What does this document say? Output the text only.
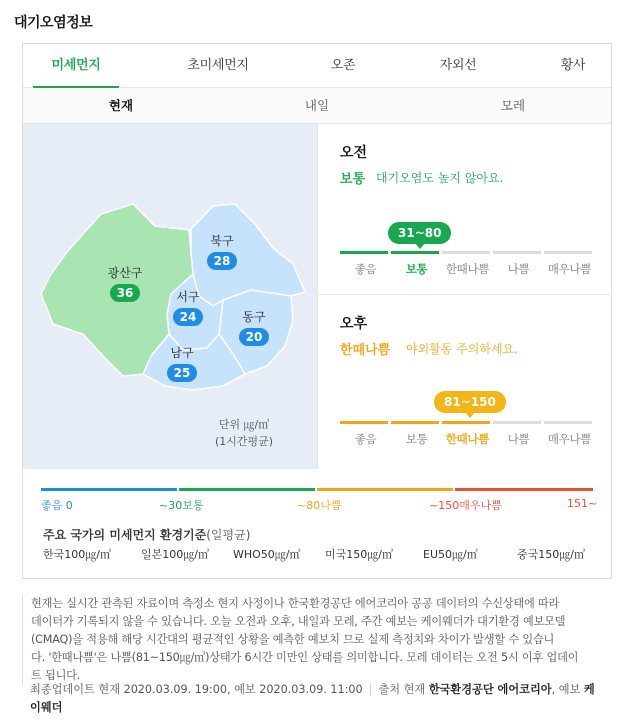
대기오염정보
미세먼지	초미세먼지	오존	자외선	황사
현재	내일	모레
광산구
36
북구
28
서구
24	동구
20
남구
25
단위 ㎍/㎥
(1시간평균)
오전
보통 대기오염도 높지 않아요.
31~80
좋음	보통	한때나쁨	나쁨	매우나쁨
오후
한때나쁨 야외활동 주의하세요.
81~150
좋음	보통	한때나쁨	나쁨	매우나쁨
좋음 0	~30보통	~80나쁨	~150매우나쁨	151~
주요 국가의 미세먼지 환경기준(일평균)
한국100㎍/㎥	일본100㎍/㎥ WHO50㎍/㎥ 미국150㎍/㎥	EU50㎍/㎥	중국150㎍/㎥
현재는 실시간 관측된 자료이며 측정소 현지 사정이나 한국환경공단 에어코리아 공공 데이터의 수신상태에 따라
데이터가 기록되지 않을 수 있습니다. 오늘 오전과 오후, 내일과 모레, 주간 예보는 케이웨더가 대기환경 예보모델
(CMAQ)을 적용해 해당 시간대의 평균적인 상황을 예측한 예보치 므로 실제 측정치와 차이가 발생할 수 있습니
다. '한때나쁨'은 나쁨(81~150㎍/㎥)상태가 6시간 미만인 상태를 의미합니다. 모레 데이터는 오전 5시 이후 업데이
트 됩니다.
최종업데이트 현재 2020.03.09. 19:00, 예보 2020.03.09. 11:00 | 출처 현재 한국환경공단 에어코리아, 예보 케이웨더
